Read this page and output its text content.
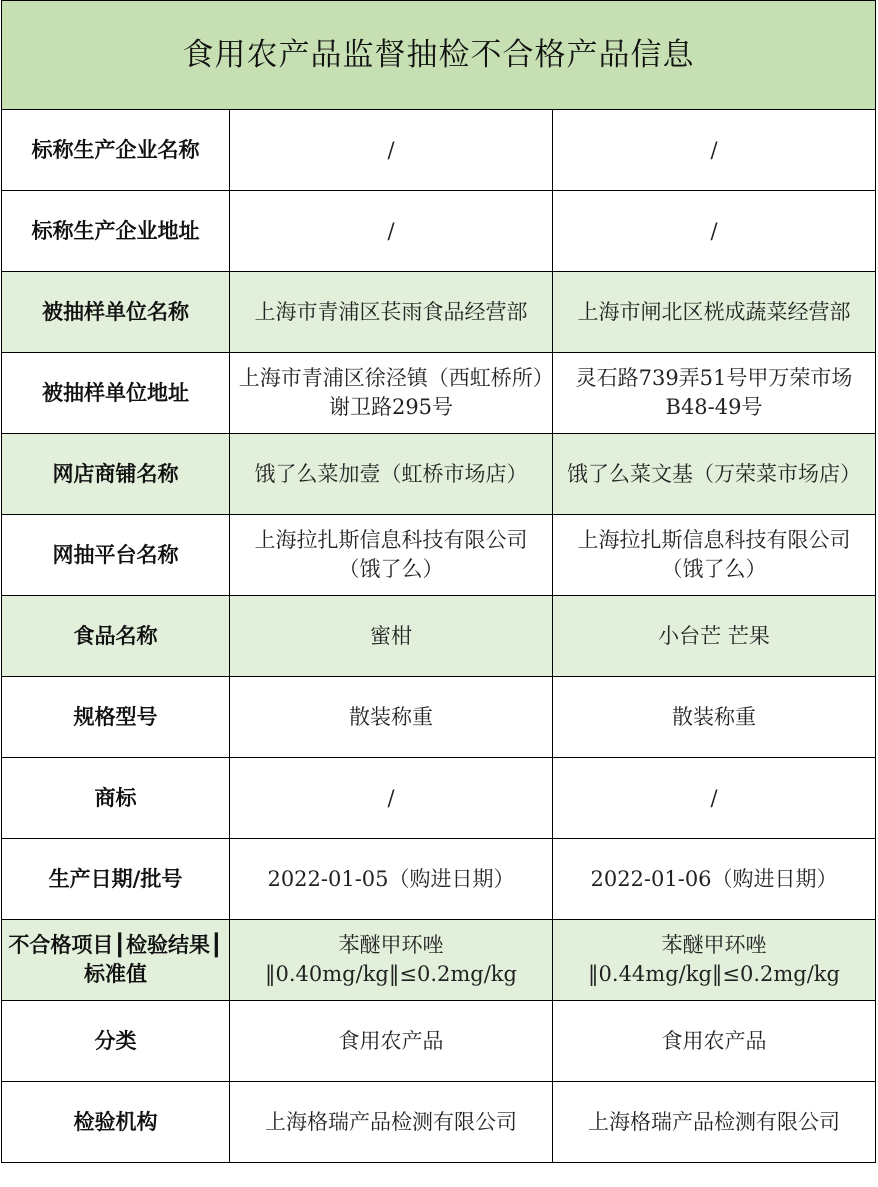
食用农产品监督抽检不合格产品信息		
标称生产企业名称	/	/
标称生产企业地址	/	/
被抽样单位名称	上海市青浦区苌雨食品经营部	上海市闸北区桄成蔬菜经营部
被抽样单位地址	上海市青浦区徐泾镇（西虹桥所）谢卫路295号	灵石路739弄51号甲万荣市场B48-49号
网店商铺名称	饿了么菜加壹（虹桥市场店）	饿了么菜文基（万荣菜市场店）
网抽平台名称	上海拉扎斯信息科技有限公司（饿了么）	上海拉扎斯信息科技有限公司（饿了么）
食品名称	蜜柑	小台芒 芒果
规格型号	散装称重	散装称重
商标	/	/
生产日期/批号	2022-01-05（购进日期）	2022-01-06（购进日期）
不合格项目┃检验结果┃标准值	苯醚甲环唑‖0.40mg/kg‖≤0.2mg/kg	苯醚甲环唑‖0.44mg/kg‖≤0.2mg/kg
分类	食用农产品	食用农产品
检验机构	上海格瑞产品检测有限公司	上海格瑞产品检测有限公司
